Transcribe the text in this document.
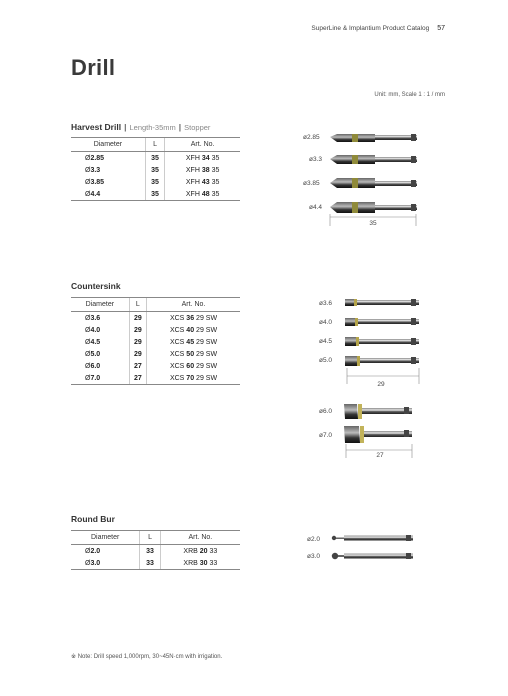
SuperLine & Implantium Product Catalog 57
Drill
Unit: mm, Scale 1 : 1 / mm
Harvest Drill | Length-35mm | Stopper
Diameter	L	Art. No.
Ø2.85	35	XFH 34 35
Ø3.3	35	XFH 38 35
Ø3.85	35	XFH 43 35
Ø4.4	35	XFH 48 35
Countersink
Diameter	L	Art. No.
Ø3.6	29	XCS 36 29 SW
Ø4.0	29	XCS 40 29 SW
Ø4.5	29	XCS 45 29 SW
Ø5.0	29	XCS 50 29 SW
Ø6.0	27	XCS 60 29 SW
Ø7.0	27	XCS 70 29 SW
Round Bur
Diameter	L	Art. No.
Ø2.0	33	XRB 20 33
Ø3.0	33	XRB 30 33
※ Note: Drill speed 1,000rpm, 30~45N·cm with irrigation.
ø2.85
ø3.3
ø3.85
ø4.4
35
ø3.6
ø4.0
ø4.5
ø5.0
29
ø6.0
ø7.0
27
ø2.0
ø3.0
